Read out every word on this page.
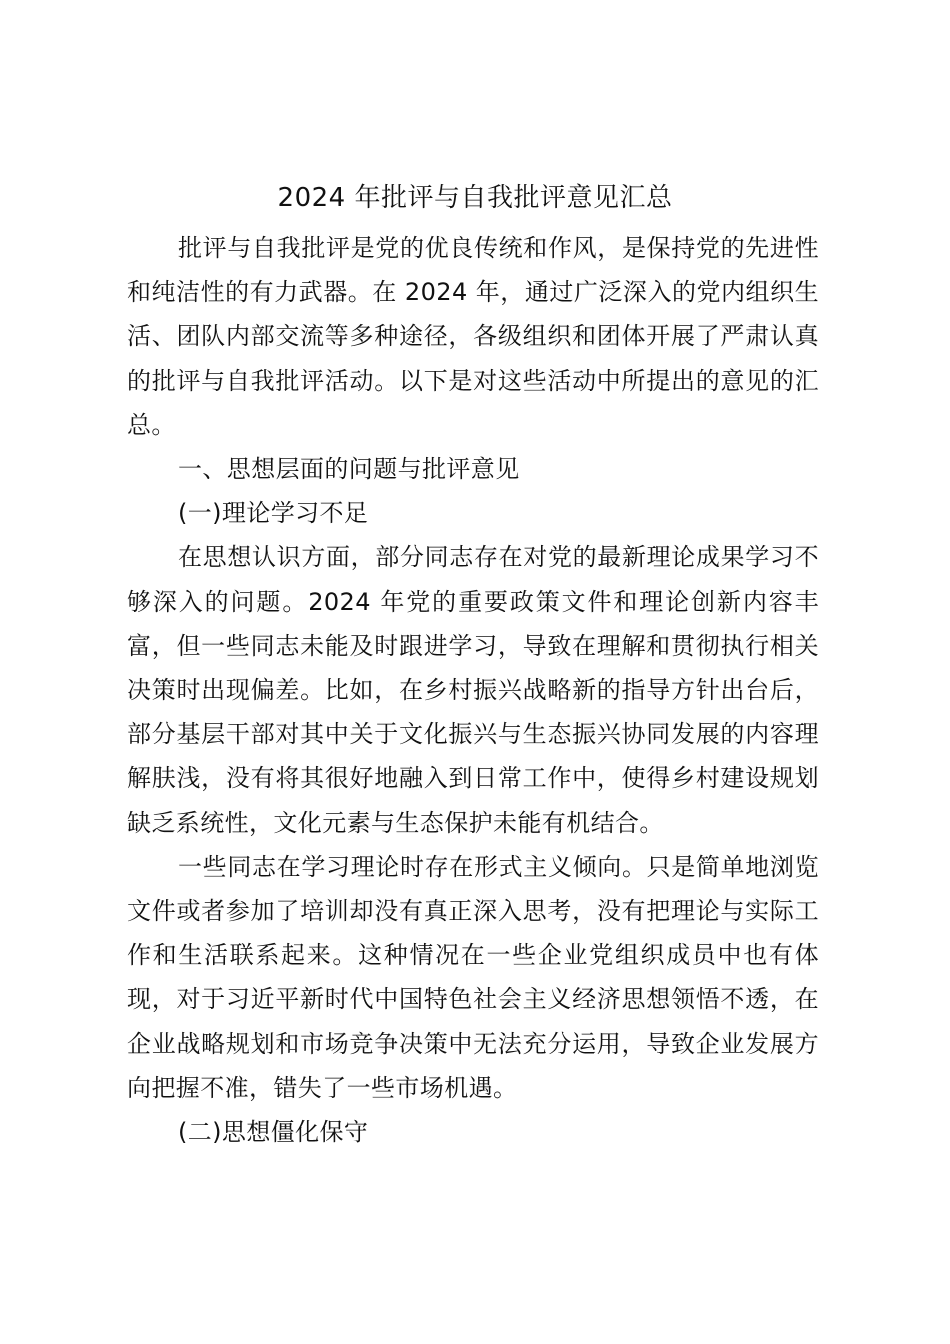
2024 年批评与自我批评意见汇总

批评与自我批评是党的优良传统和作风，是保持党的先进性和纯洁性的有力武器。在 2024 年，通过广泛深入的党内组织生活、团队内部交流等多种途径，各级组织和团体开展了严肃认真的批评与自我批评活动。以下是对这些活动中所提出的意见的汇总。

一、思想层面的问题与批评意见

(一)理论学习不足

在思想认识方面，部分同志存在对党的最新理论成果学习不够深入的问题。2024 年党的重要政策文件和理论创新内容丰富，但一些同志未能及时跟进学习，导致在理解和贯彻执行相关决策时出现偏差。比如，在乡村振兴战略新的指导方针出台后，部分基层干部对其中关于文化振兴与生态振兴协同发展的内容理解肤浅，没有将其很好地融入到日常工作中，使得乡村建设规划缺乏系统性，文化元素与生态保护未能有机结合。

一些同志在学习理论时存在形式主义倾向。只是简单地浏览文件或者参加了培训却没有真正深入思考，没有把理论与实际工作和生活联系起来。这种情况在一些企业党组织成员中也有体现，对于习近平新时代中国特色社会主义经济思想领悟不透，在企业战略规划和市场竞争决策中无法充分运用，导致企业发展方向把握不准，错失了一些市场机遇。

(二)思想僵化保守
